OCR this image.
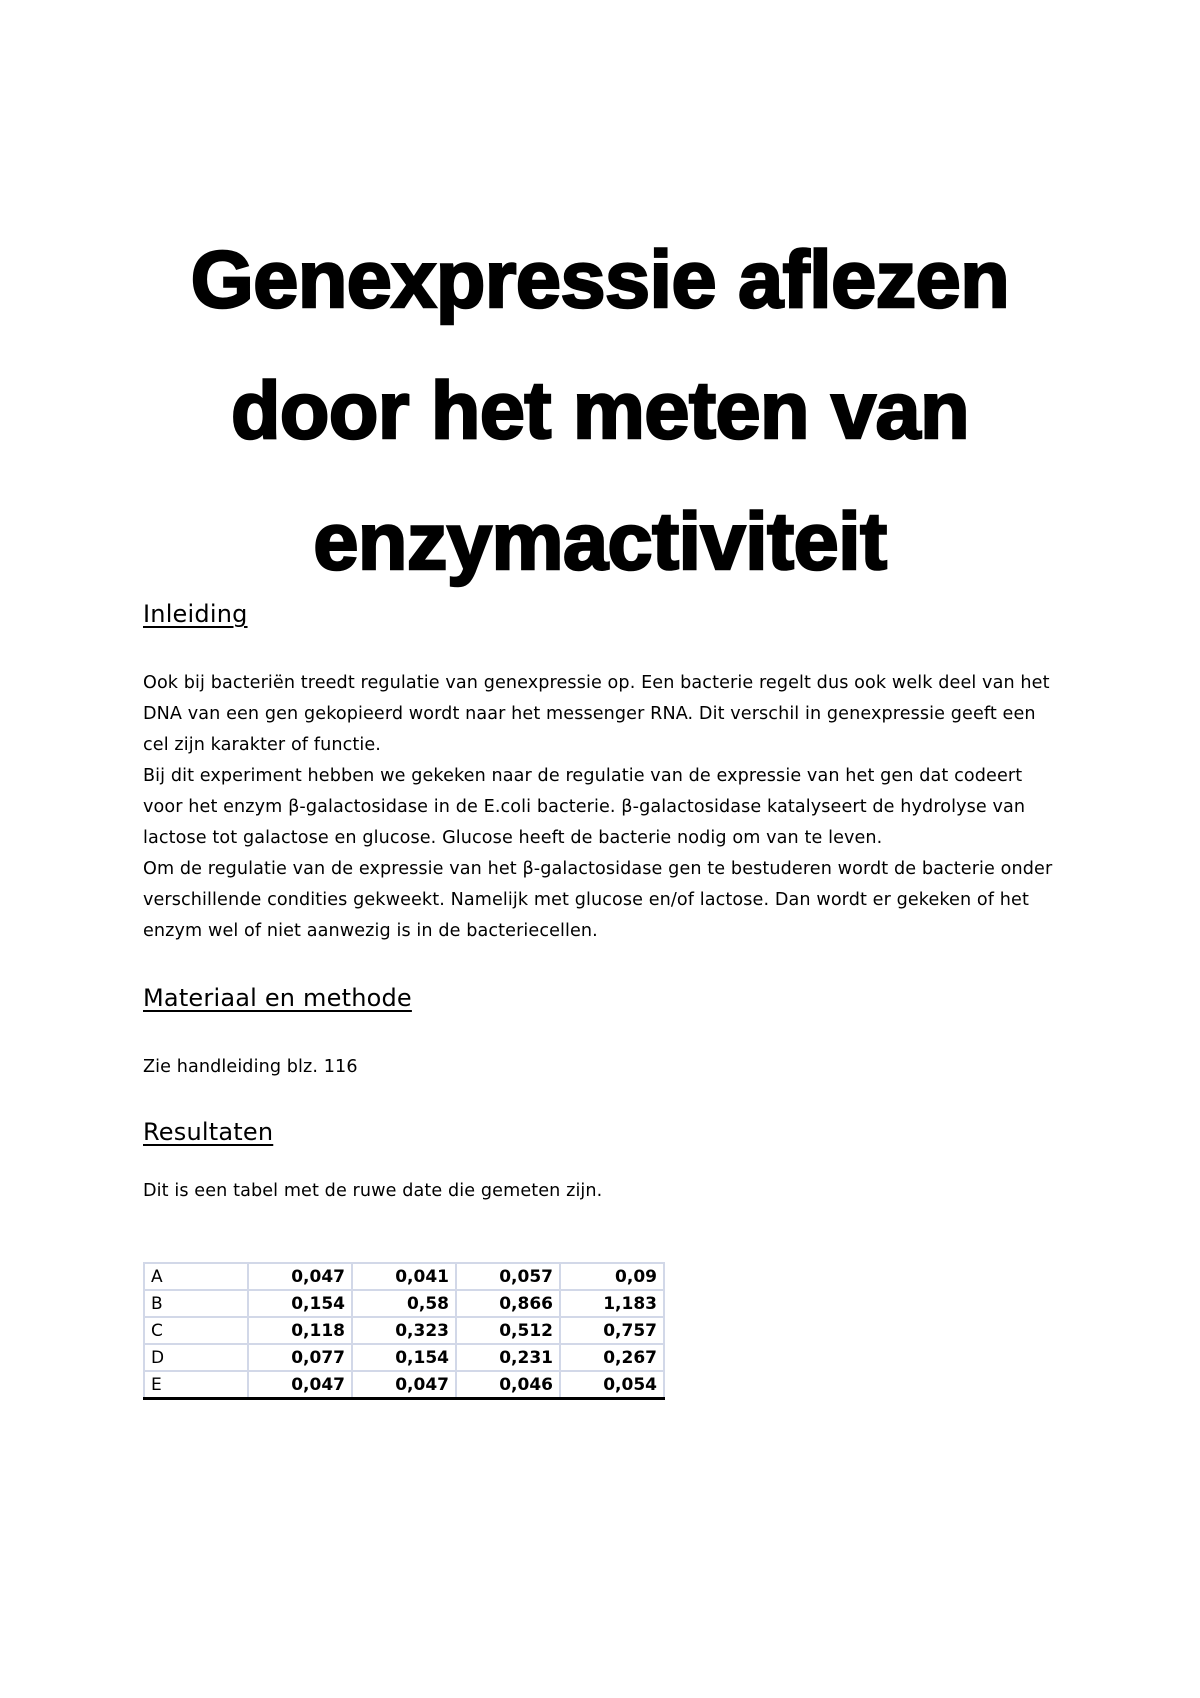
Genexpressie aflezen
door het meten van
enzymactiviteit
Inleiding
Ook bij bacteriën treedt regulatie van genexpressie op. Een bacterie regelt dus ook welk deel van het
DNA van een gen gekopieerd wordt naar het messenger RNA. Dit verschil in genexpressie geeft een
cel zijn karakter of functie.
Bij dit experiment hebben we gekeken naar de regulatie van de expressie van het gen dat codeert
voor het enzym β-galactosidase in de E.coli bacterie. β-galactosidase katalyseert de hydrolyse van
lactose tot galactose en glucose. Glucose heeft de bacterie nodig om van te leven.
Om de regulatie van de expressie van het β-galactosidase gen te bestuderen wordt de bacterie onder
verschillende condities gekweekt. Namelijk met glucose en/of lactose. Dan wordt er gekeken of het
enzym wel of niet aanwezig is in de bacteriecellen.
Materiaal en methode

Zie handleiding blz. 116

Resultaten

Dit is een tabel met de ruwe date die gemeten zijn.

A	0,047	0,041	0,057	0,09
B	0,154	0,58	0,866	1,183
C	0,118	0,323	0,512	0,757
D	0,077	0,154	0,231	0,267
E	0,047	0,047	0,046	0,054
